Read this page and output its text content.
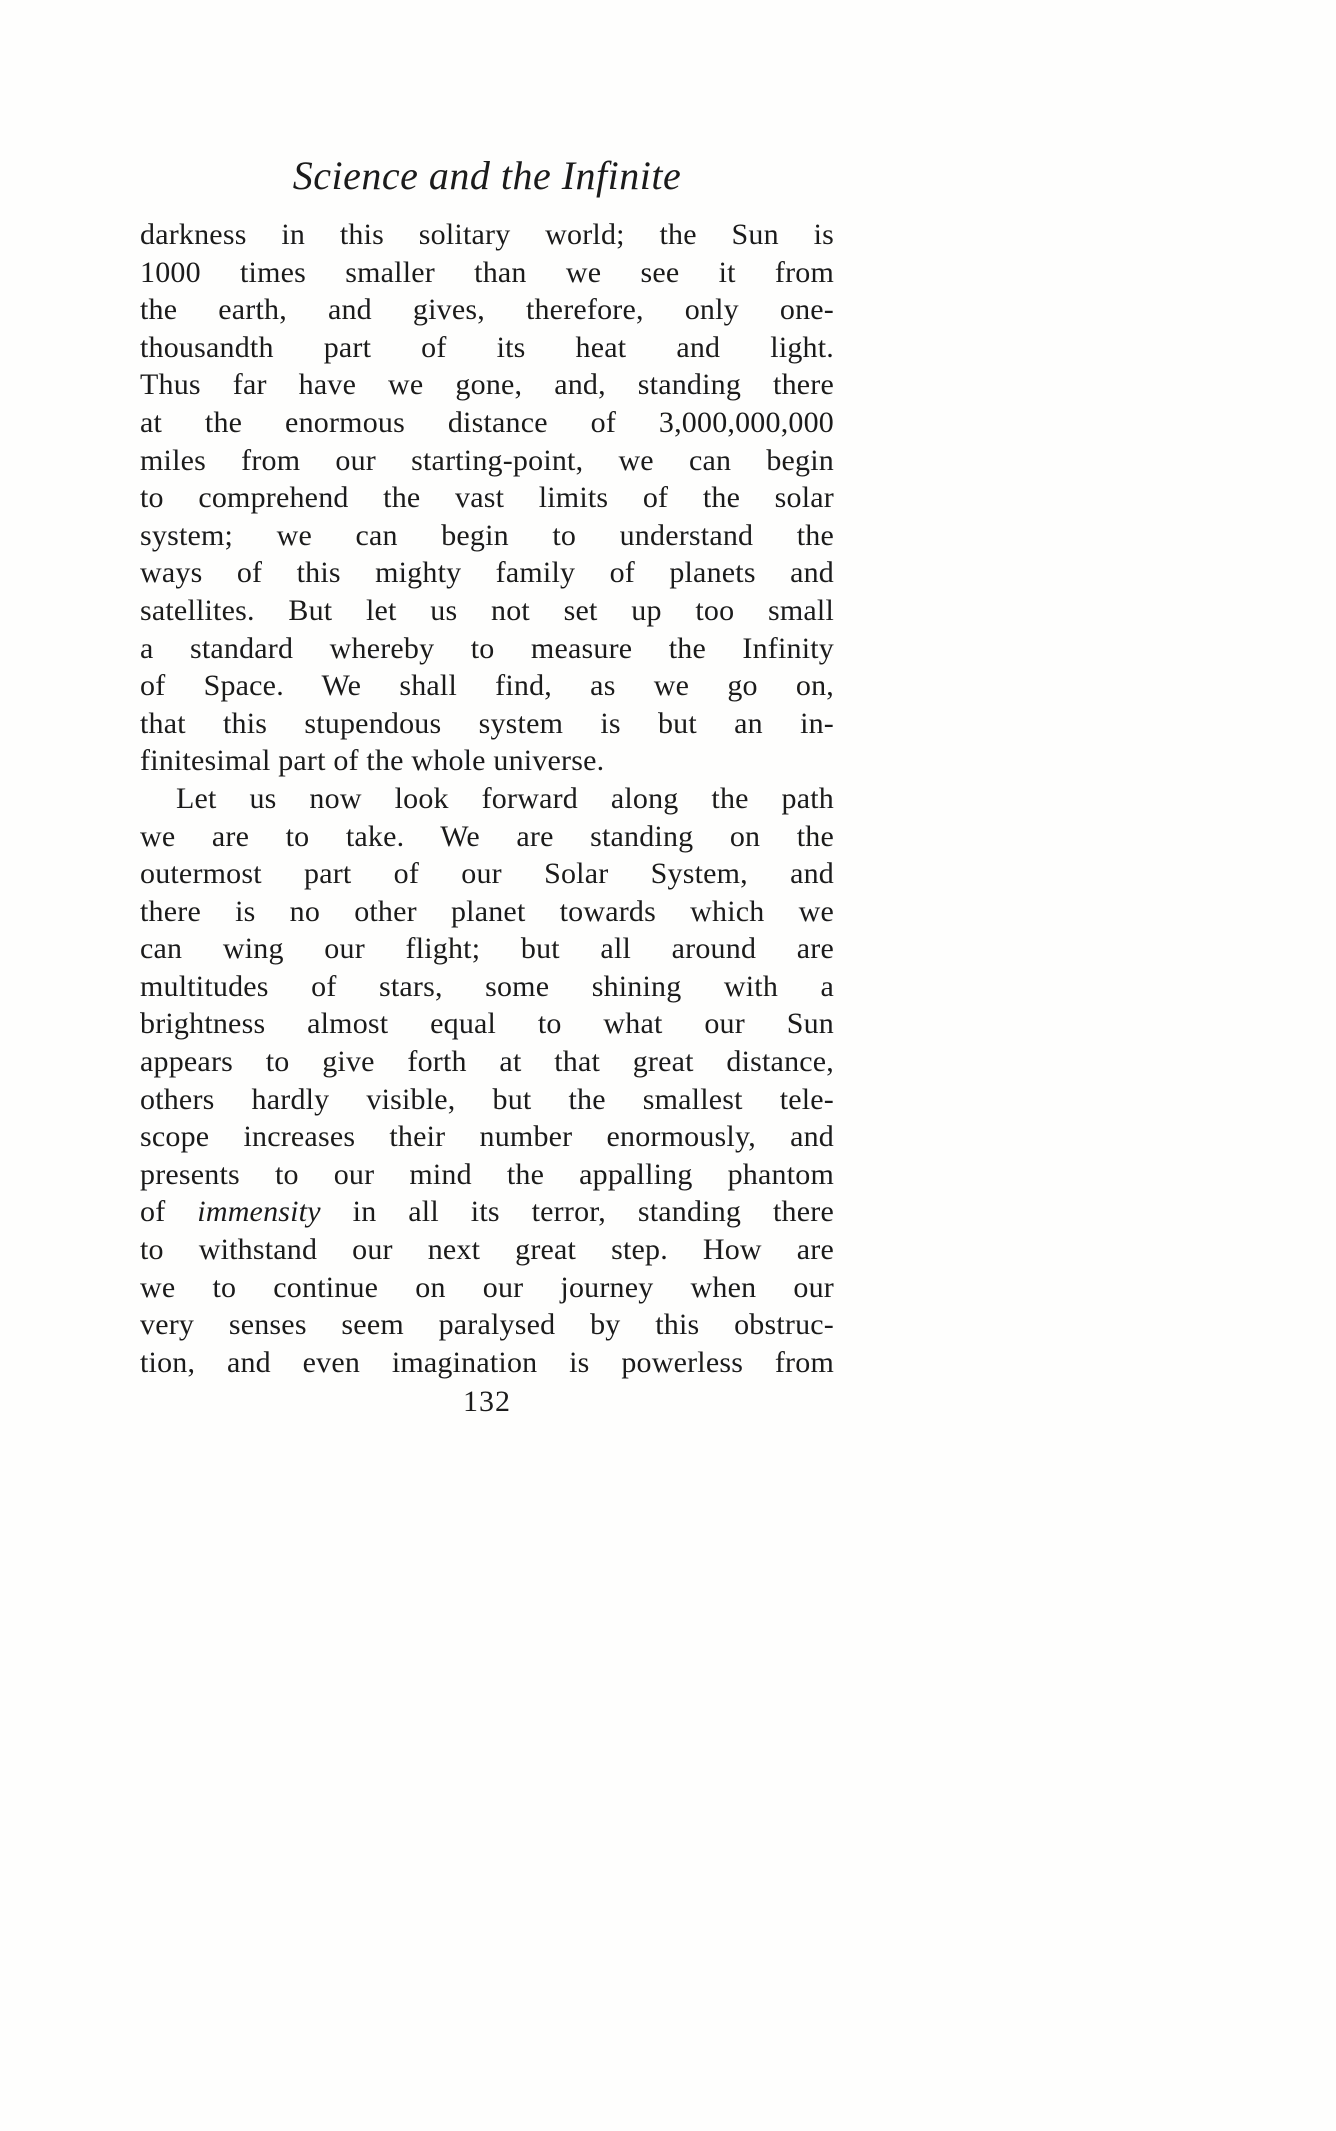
Science and the Infinite
darkness in this solitary world; the Sun is
1000 times smaller than we see it from
the earth, and gives, therefore, only one-
thousandth part of its heat and light.
Thus far have we gone, and, standing there
at the enormous distance of 3,000,000,000
miles from our starting-point, we can begin
to comprehend the vast limits of the solar
system; we can begin to understand the
ways of this mighty family of planets and
satellites. But let us not set up too small
a standard whereby to measure the Infinity
of Space. We shall find, as we go on,
that this stupendous system is but an in-
finitesimal part of the whole universe.
Let us now look forward along the path
we are to take. We are standing on the
outermost part of our Solar System, and
there is no other planet towards which we
can wing our flight; but all around are
multitudes of stars, some shining with a
brightness almost equal to what our Sun
appears to give forth at that great distance,
others hardly visible, but the smallest tele-
scope increases their number enormously, and
presents to our mind the appalling phantom
of immensity in all its terror, standing there
to withstand our next great step. How are
we to continue on our journey when our
very senses seem paralysed by this obstruc-
tion, and even imagination is powerless from
132
